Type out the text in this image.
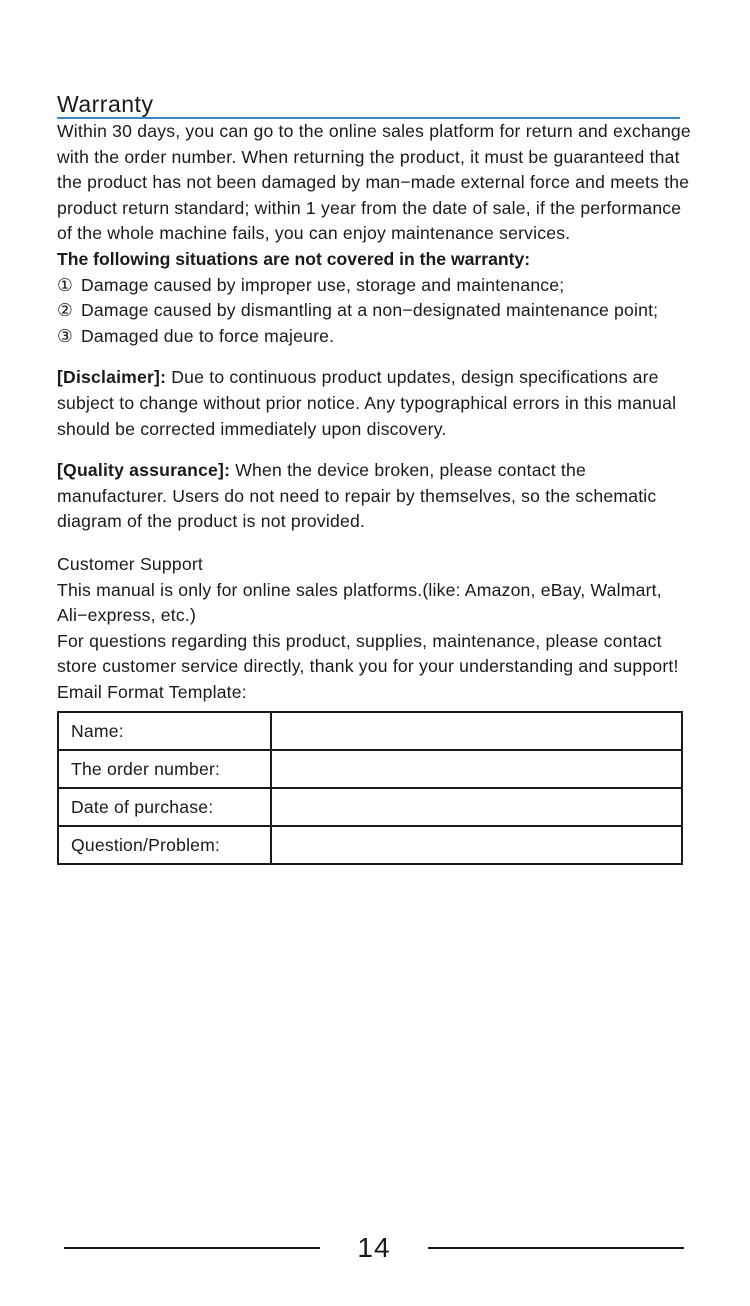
Warranty

Within 30 days, you can go to the online sales platform for return and exchange with the order number. When returning the product, it must be guaranteed that the product has not been damaged by man−made external force and meets the product return standard; within 1 year from the date of sale, if the performance of the whole machine fails, you can enjoy maintenance services.

The following situations are not covered in the warranty:

① Damage caused by improper use, storage and maintenance;
② Damage caused by dismantling at a non−designated maintenance point;
③ Damaged due to force majeure.

[Disclaimer]: Due to continuous product updates, design specifications are subject to change without prior notice. Any typographical errors in this manual should be corrected immediately upon discovery.

[Quality assurance]: When the device broken, please contact the manufacturer. Users do not need to repair by themselves, so the schematic diagram of the product is not provided.

Customer Support

This manual is only for online sales platforms.(like: Amazon, eBay, Walmart, Ali−express, etc.)

For questions regarding this product, supplies, maintenance, please contact store customer service directly, thank you for your understanding and support!

Email Format Template:

Name:	
The order number:	
Date of purchase:	
Question/Problem:	
14
